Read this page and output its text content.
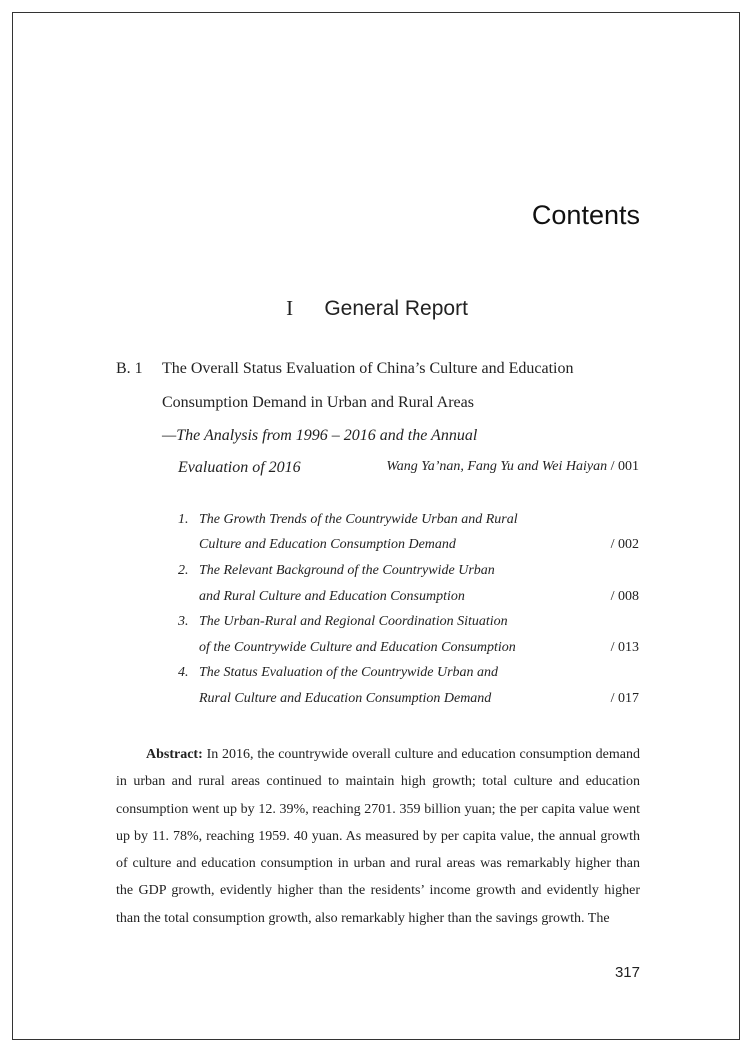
Contents
I General Report
B. 1 The Overall Status Evaluation of China’s Culture and Education
Consumption Demand in Urban and Rural Areas
—The Analysis from 1996 – 2016 and the Annual
Evaluation of 2016	Wang Ya’nan, Fang Yu and Wei Haiyan / 001
1. The Growth Trends of the Countrywide Urban and Rural
Culture and Education Consumption Demand	/ 002
2. The Relevant Background of the Countrywide Urban
and Rural Culture and Education Consumption	/ 008
3. The Urban-Rural and Regional Coordination Situation
of the Countrywide Culture and Education Consumption	/ 013
4. The Status Evaluation of the Countrywide Urban and
Rural Culture and Education Consumption Demand	/ 017
Abstract: In 2016, the countrywide overall culture and education consumption demand in urban and rural areas continued to maintain high growth; total culture and education consumption went up by 12. 39%, reaching 2701. 359 billion yuan; the per capita value went up by 11. 78%, reaching 1959. 40 yuan. As measured by per capita value, the annual growth of culture and education consumption in urban and rural areas was remarkably higher than the GDP growth, evidently higher than the residents’ income growth and evidently higher than the total consumption growth, also remarkably higher than the savings growth. The
317
